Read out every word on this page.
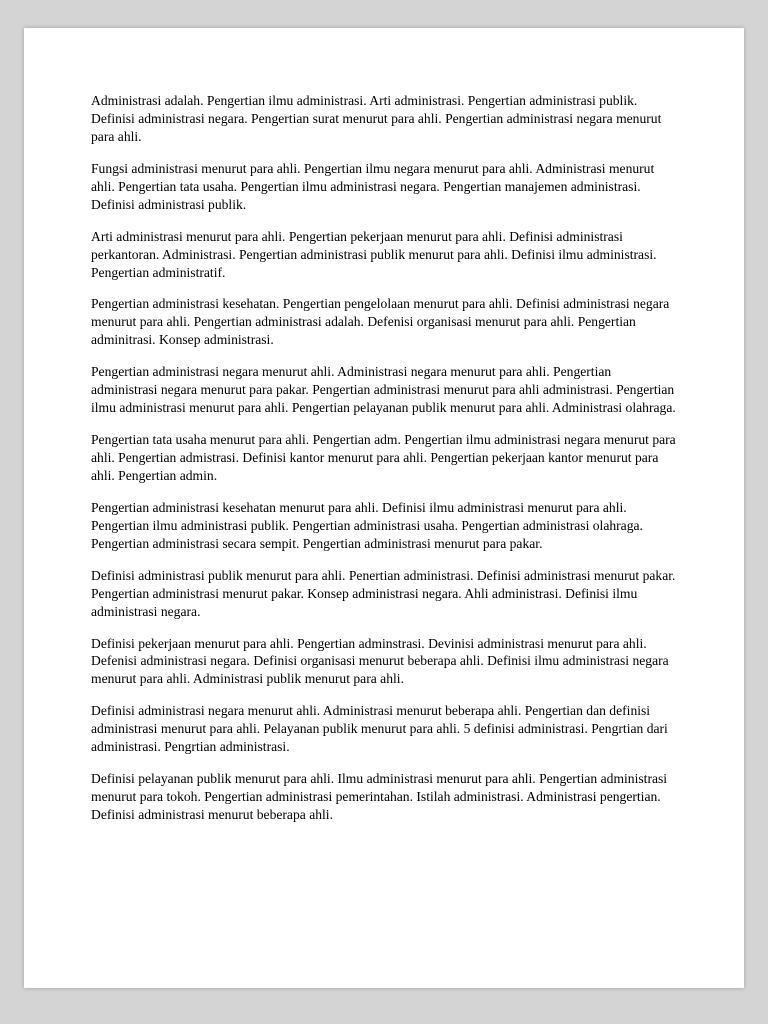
Administrasi adalah. Pengertian ilmu administrasi. Arti administrasi. Pengertian administrasi publik. Definisi administrasi negara. Pengertian surat menurut para ahli. Pengertian administrasi negara menurut para ahli.

Fungsi administrasi menurut para ahli. Pengertian ilmu negara menurut para ahli. Administrasi menurut ahli. Pengertian tata usaha. Pengertian ilmu administrasi negara. Pengertian manajemen administrasi. Definisi administrasi publik.

Arti administrasi menurut para ahli. Pengertian pekerjaan menurut para ahli. Definisi administrasi perkantoran. Administrasi. Pengertian administrasi publik menurut para ahli. Definisi ilmu administrasi. Pengertian administratif.

Pengertian administrasi kesehatan. Pengertian pengelolaan menurut para ahli. Definisi administrasi negara menurut para ahli. Pengertian administrasi adalah. Defenisi organisasi menurut para ahli. Pengertian adminitrasi. Konsep administrasi.

Pengertian administrasi negara menurut ahli. Administrasi negara menurut para ahli. Pengertian administrasi negara menurut para pakar. Pengertian administrasi menurut para ahli administrasi. Pengertian ilmu administrasi menurut para ahli. Pengertian pelayanan publik menurut para ahli. Administrasi olahraga.

Pengertian tata usaha menurut para ahli. Pengertian adm. Pengertian ilmu administrasi negara menurut para ahli. Pengertian admistrasi. Definisi kantor menurut para ahli. Pengertian pekerjaan kantor menurut para ahli. Pengertian admin.

Pengertian administrasi kesehatan menurut para ahli. Definisi ilmu administrasi menurut para ahli. Pengertian ilmu administrasi publik. Pengertian administrasi usaha. Pengertian administrasi olahraga. Pengertian administrasi secara sempit. Pengertian administrasi menurut para pakar.

Definisi administrasi publik menurut para ahli. Penertian administrasi. Definisi administrasi menurut pakar. Pengertian administrasi menurut pakar. Konsep administrasi negara. Ahli administrasi. Definisi ilmu administrasi negara.

Definisi pekerjaan menurut para ahli. Pengertian adminstrasi. Devinisi administrasi menurut para ahli. Defenisi administrasi negara. Definisi organisasi menurut beberapa ahli. Definisi ilmu administrasi negara menurut para ahli. Administrasi publik menurut para ahli.

Definisi administrasi negara menurut ahli. Administrasi menurut beberapa ahli. Pengertian dan definisi administrasi menurut para ahli. Pelayanan publik menurut para ahli. 5 definisi administrasi. Pengrtian dari administrasi. Pengrtian administrasi.

Definisi pelayanan publik menurut para ahli. Ilmu administrasi menurut para ahli. Pengertian administrasi menurut para tokoh. Pengertian administrasi pemerintahan. Istilah administrasi. Administrasi pengertian. Definisi administrasi menurut beberapa ahli.
